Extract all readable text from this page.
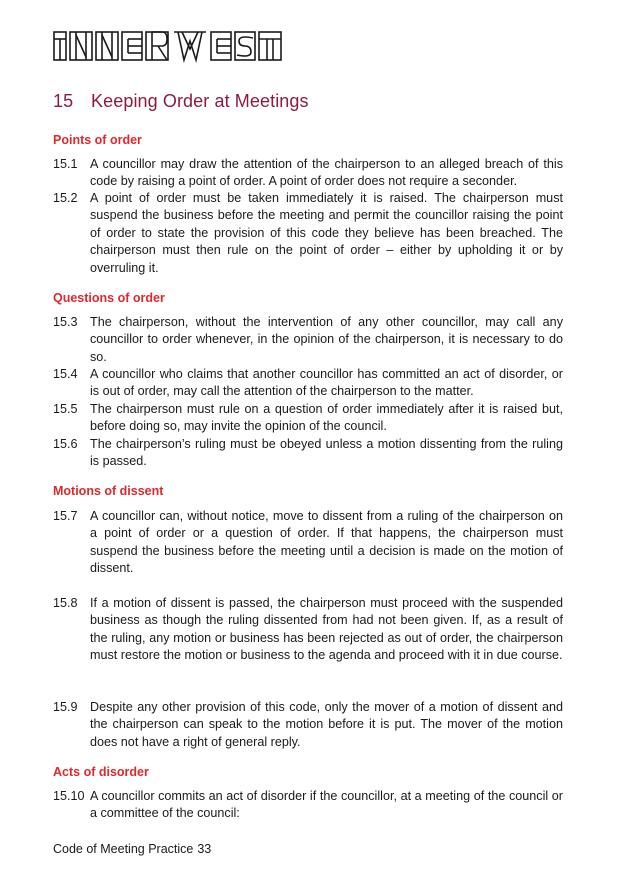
15 Keeping Order at Meetings
Points of order
15.1 A councillor may draw the attention of the chairperson to an alleged breach of this code by raising a point of order. A point of order does not require a seconder.
15.2 A point of order must be taken immediately it is raised. The chairperson must suspend the business before the meeting and permit the councillor raising the point of order to state the provision of this code they believe has been breached. The chairperson must then rule on the point of order – either by upholding it or by overruling it.
Questions of order
15.3 The chairperson, without the intervention of any other councillor, may call any councillor to order whenever, in the opinion of the chairperson, it is necessary to do so.
15.4 A councillor who claims that another councillor has committed an act of disorder, or is out of order, may call the attention of the chairperson to the matter.
15.5 The chairperson must rule on a question of order immediately after it is raised but, before doing so, may invite the opinion of the council.
15.6 The chairperson’s ruling must be obeyed unless a motion dissenting from the ruling is passed.
Motions of dissent
15.7 A councillor can, without notice, move to dissent from a ruling of the chairperson on a point of order or a question of order. If that happens, the chairperson must suspend the business before the meeting until a decision is made on the motion of dissent.
15.8 If a motion of dissent is passed, the chairperson must proceed with the suspended business as though the ruling dissented from had not been given. If, as a result of the ruling, any motion or business has been rejected as out of order, the chairperson must restore the motion or business to the agenda and proceed with it in due course.
15.9 Despite any other provision of this code, only the mover of a motion of dissent and the chairperson can speak to the motion before it is put. The mover of the motion does not have a right of general reply.
Acts of disorder
15.10 A councillor commits an act of disorder if the councillor, at a meeting of the council or a committee of the council:
Code of Meeting Practice 33
